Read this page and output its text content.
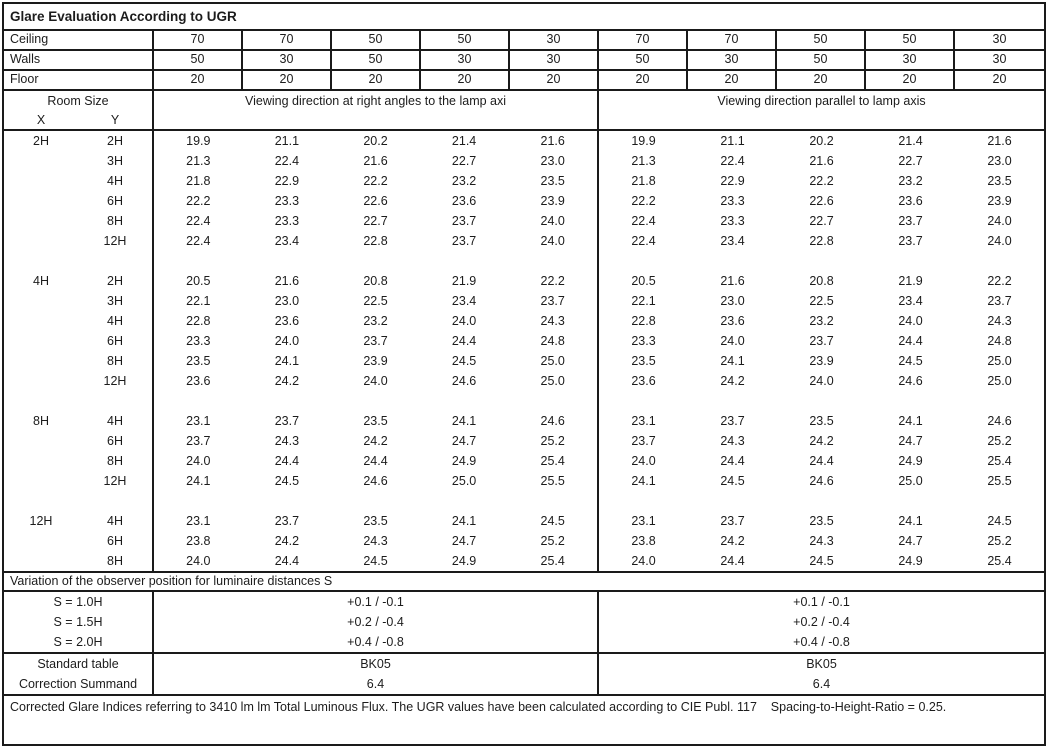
Glare Evaluation According to UGR
Ceiling	70	70	50	50	30	70	70	50	50	30
Walls	50	30	50	30	30	50	30	50	30	30
Floor	20	20	20	20	20	20	20	20	20	20
Room Size
X	Y
Viewing direction at right angles to the lamp axi	Viewing direction parallel to lamp axis
2H	2H	19.9	21.1	20.2	21.4	21.6	19.9	21.1	20.2	21.4	21.6
3H	21.3	22.4	21.6	22.7	23.0	21.3	22.4	21.6	22.7	23.0
4H	21.8	22.9	22.2	23.2	23.5	21.8	22.9	22.2	23.2	23.5
6H	22.2	23.3	22.6	23.6	23.9	22.2	23.3	22.6	23.6	23.9
8H	22.4	23.3	22.7	23.7	24.0	22.4	23.3	22.7	23.7	24.0
12H	22.4	23.4	22.8	23.7	24.0	22.4	23.4	22.8	23.7	24.0
4H	2H	20.5	21.6	20.8	21.9	22.2	20.5	21.6	20.8	21.9	22.2
3H	22.1	23.0	22.5	23.4	23.7	22.1	23.0	22.5	23.4	23.7
4H	22.8	23.6	23.2	24.0	24.3	22.8	23.6	23.2	24.0	24.3
6H	23.3	24.0	23.7	24.4	24.8	23.3	24.0	23.7	24.4	24.8
8H	23.5	24.1	23.9	24.5	25.0	23.5	24.1	23.9	24.5	25.0
12H	23.6	24.2	24.0	24.6	25.0	23.6	24.2	24.0	24.6	25.0
8H	4H	23.1	23.7	23.5	24.1	24.6	23.1	23.7	23.5	24.1	24.6
6H	23.7	24.3	24.2	24.7	25.2	23.7	24.3	24.2	24.7	25.2
8H	24.0	24.4	24.4	24.9	25.4	24.0	24.4	24.4	24.9	25.4
12H	24.1	24.5	24.6	25.0	25.5	24.1	24.5	24.6	25.0	25.5
12H	4H	23.1	23.7	23.5	24.1	24.5	23.1	23.7	23.5	24.1	24.5
6H	23.8	24.2	24.3	24.7	25.2	23.8	24.2	24.3	24.7	25.2
8H	24.0	24.4	24.5	24.9	25.4	24.0	24.4	24.5	24.9	25.4
Variation of the observer position for luminaire distances S
S = 1.0H	+0.1 / -0.1	+0.1 / -0.1
S = 1.5H	+0.2 / -0.4	+0.2 / -0.4
S = 2.0H	+0.4 / -0.8	+0.4 / -0.8
Standard table	BK05	BK05
Correction Summand	6.4	6.4
Corrected Glare Indices referring to 3410 lm lm Total Luminous Flux. The UGR values have been calculated according to CIE Publ. 117    Spacing-to-Height-Ratio = 0.25.
